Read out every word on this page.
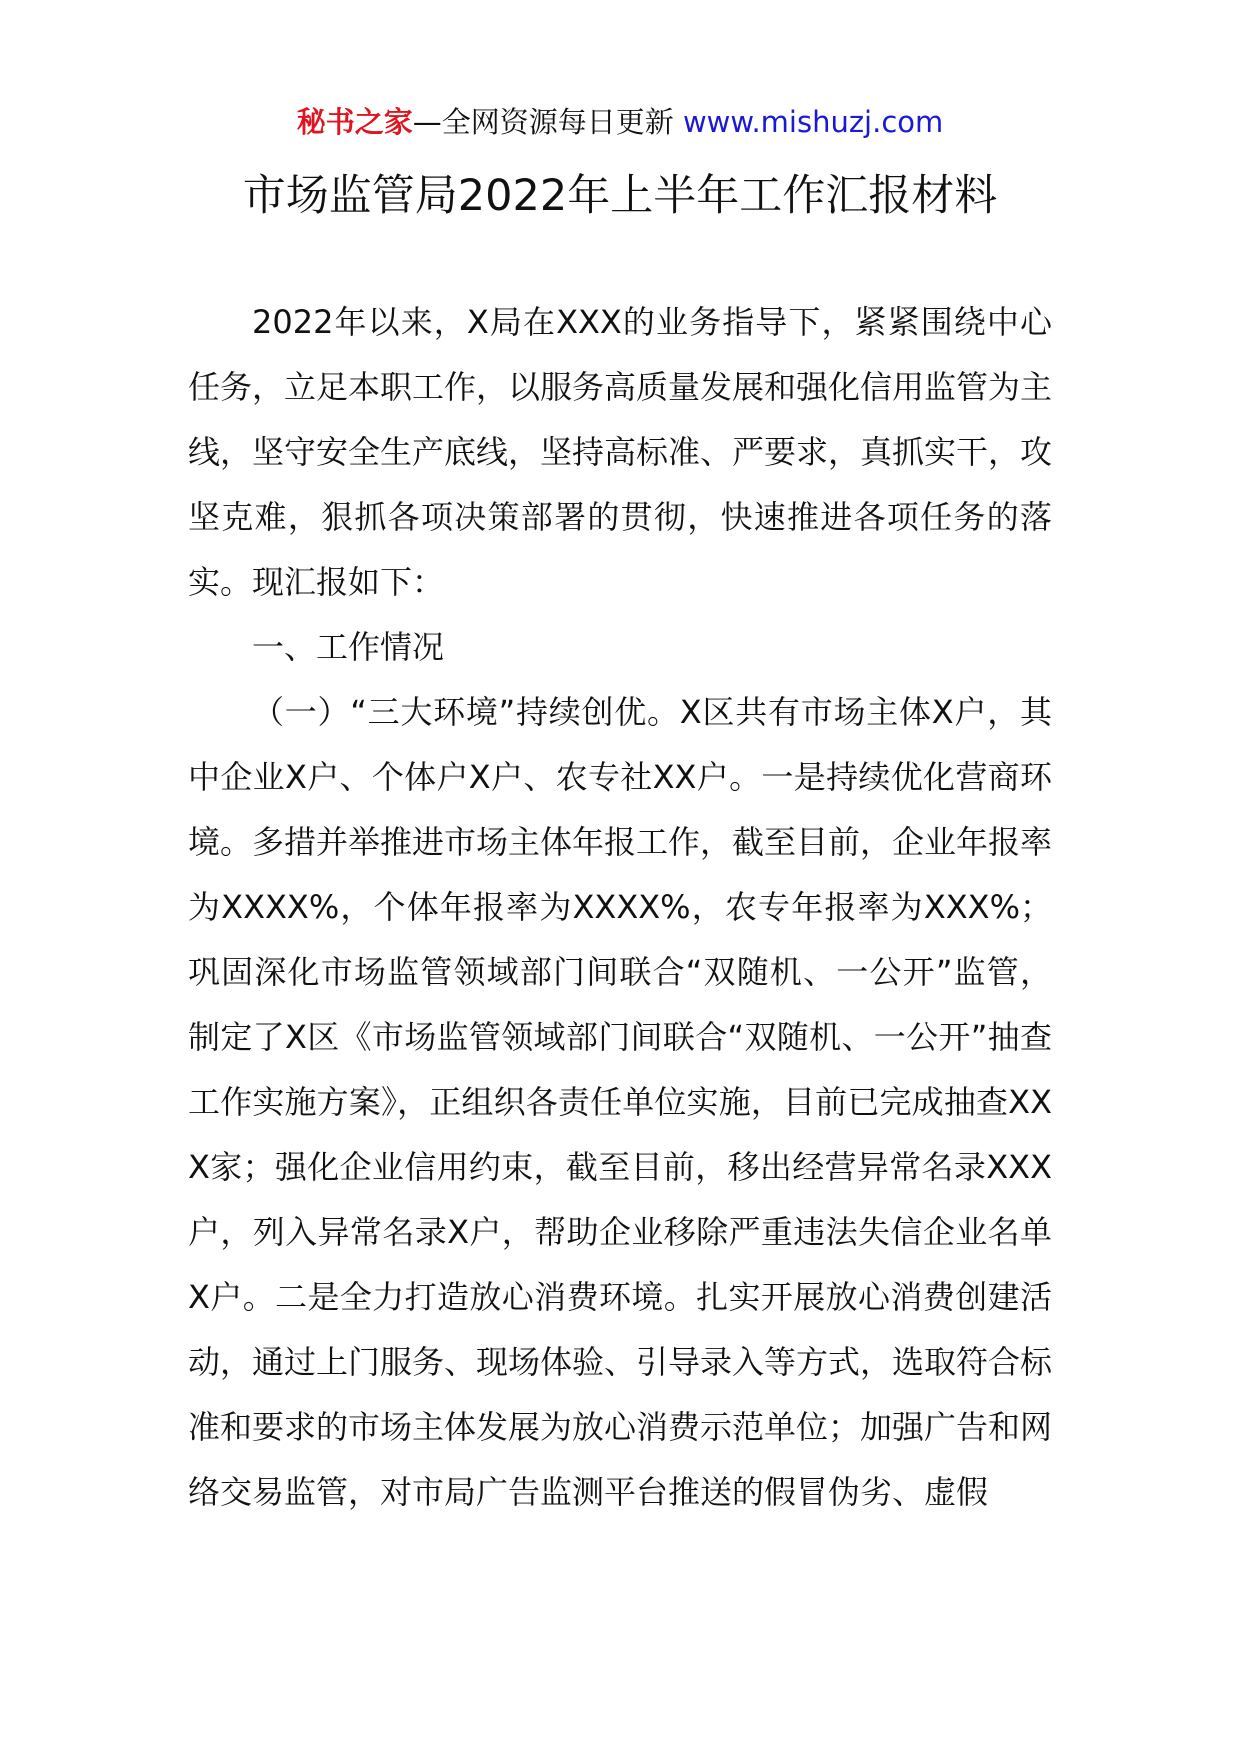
秘书之家—全网资源每日更新 www.mishuzj.com
市场监管局2022年上半年工作汇报材料

2022年以来，X局在XXX的业务指导下，紧紧围绕中心任务，立足本职工作，以服务高质量发展和强化信用监管为主线，坚守安全生产底线，坚持高标准、严要求，真抓实干，攻坚克难，狠抓各项决策部署的贯彻，快速推进各项任务的落实。现汇报如下：

一、工作情况

（一）“三大环境”持续创优。X区共有市场主体X户，其中企业X户、个体户X户、农专社XX户。一是持续优化营商环境。多措并举推进市场主体年报工作，截至目前，企业年报率为XXXX%，个体年报率为XXXX%，农专年报率为XXX%；巩固深化市场监管领域部门间联合“双随机、一公开”监管，制定了X区《市场监管领域部门间联合“双随机、一公开”抽查工作实施方案》，正组织各责任单位实施，目前已完成抽查XXX家；强化企业信用约束，截至目前，移出经营异常名录XXX户，列入异常名录X户，帮助企业移除严重违法失信企业名单X户。二是全力打造放心消费环境。扎实开展放心消费创建活动，通过上门服务、现场体验、引导录入等方式，选取符合标准和要求的市场主体发展为放心消费示范单位；加强广告和网络交易监管，对市局广告监测平台推送的假冒伪劣、虚假
